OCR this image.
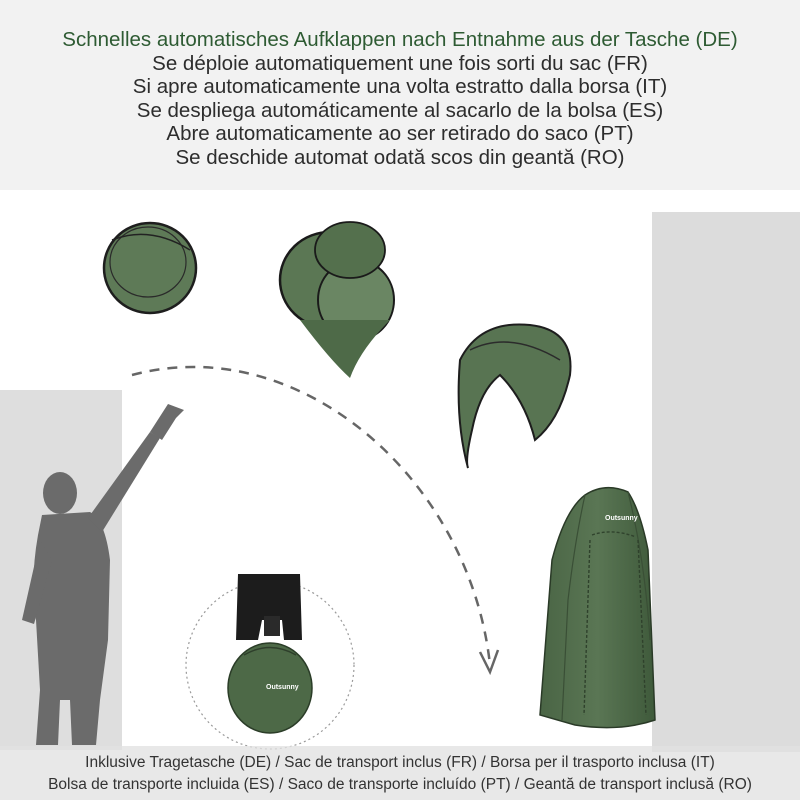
Outsunny
Outsunny
Schnelles automatisches Aufklappen nach Entnahme aus der Tasche (DE)
Se déploie automatiquement une fois sorti du sac (FR)
Si apre automaticamente una volta estratto dalla borsa (IT)
Se despliega automáticamente al sacarlo de la bolsa (ES)
Abre automaticamente ao ser retirado do saco (PT)
Se deschide automat odată scos din geantă (RO)
Inklusive Tragetasche (DE) / Sac de transport inclus (FR) / Borsa per il trasporto inclusa (IT)
Bolsa de transporte incluida (ES) / Saco de transporte incluído (PT) / Geantă de transport inclusă (RO)
